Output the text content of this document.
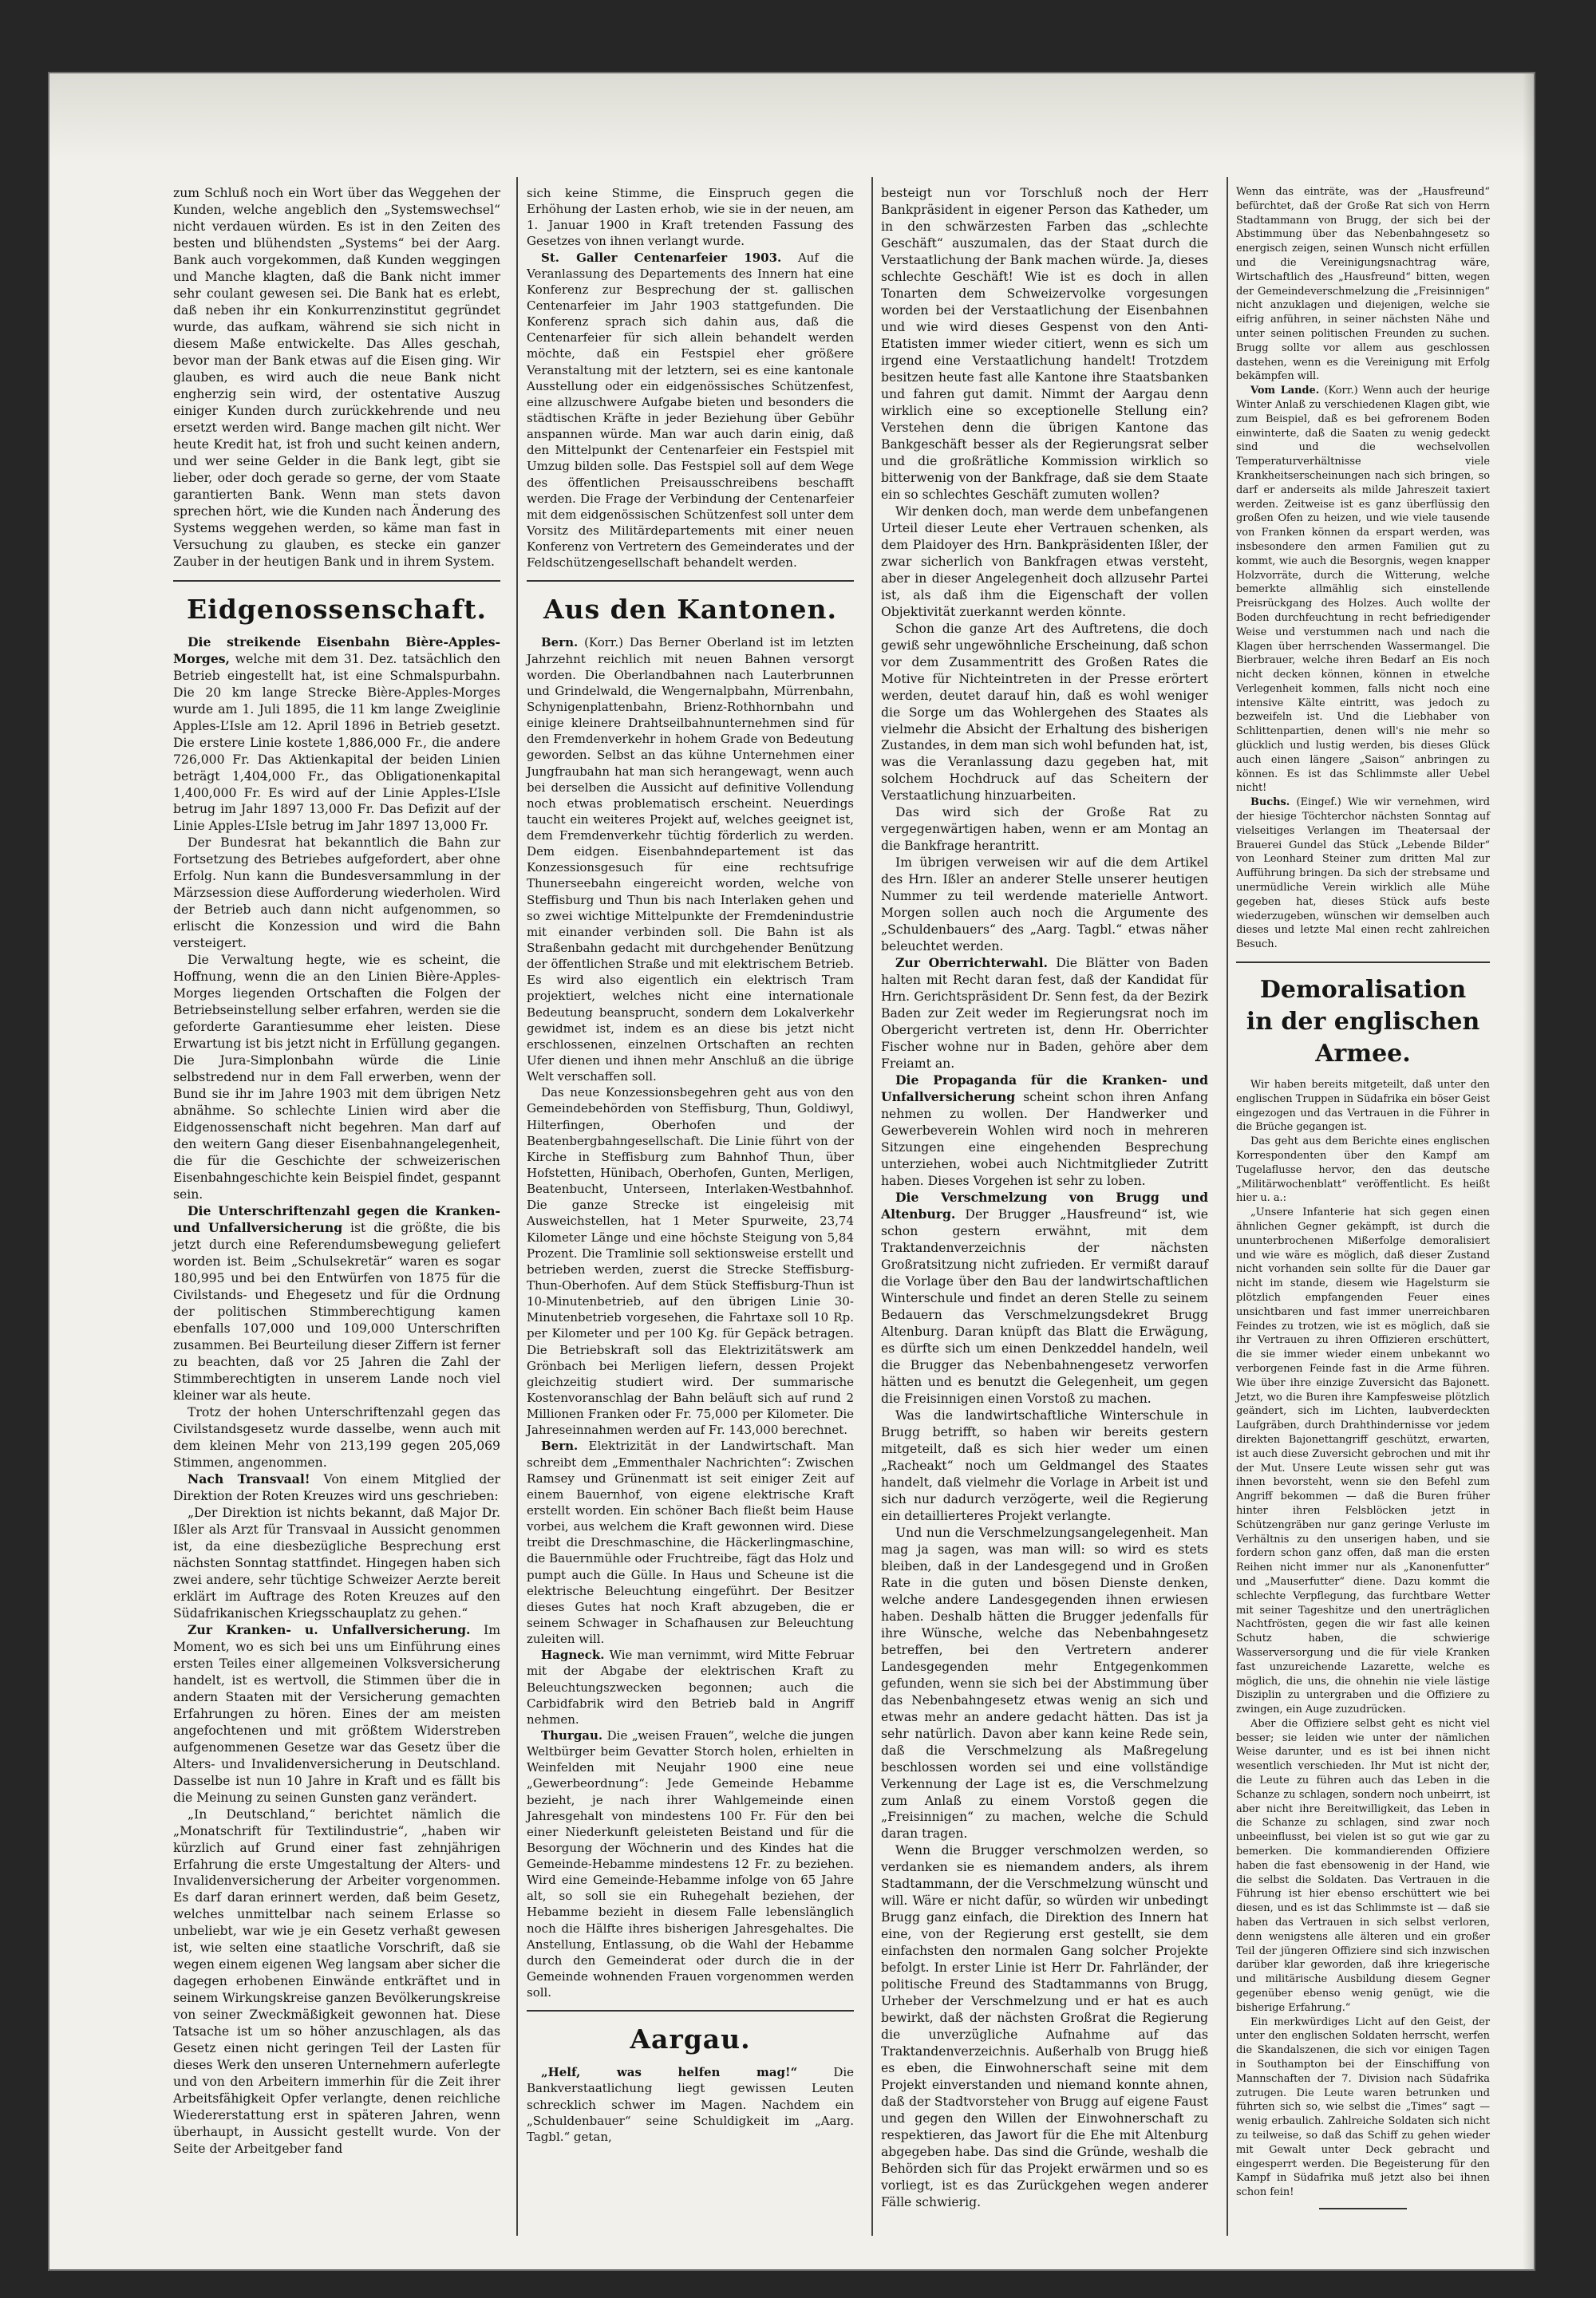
zum Schluß noch ein Wort über das Weggehen der Kunden, welche angeblich den „Systemswechsel“ nicht verdauen würden. Es ist in den Zeiten des besten und blühendsten „Systems“ bei der Aarg. Bank auch vorgekommen, daß Kunden weggingen und Manche klagten, daß die Bank nicht immer sehr coulant gewesen sei. Die Bank hat es erlebt, daß neben ihr ein Konkurrenzinstitut gegründet wurde, das aufkam, während sie sich nicht in diesem Maße entwickelte. Das Alles geschah, bevor man der Bank etwas auf die Eisen ging. Wir glauben, es wird auch die neue Bank nicht engherzig sein wird, der ostentative Auszug einiger Kunden durch zurückkehrende und neu ersetzt werden wird. Bange machen gilt nicht. Wer heute Kredit hat, ist froh und sucht keinen andern, und wer seine Gelder in die Bank legt, gibt sie lieber, oder doch gerade so gerne, der vom Staate garantierten Bank. Wenn man stets davon sprechen hört, wie die Kunden nach Änderung des Systems weggehen werden, so käme man fast in Versuchung zu glauben, es stecke ein ganzer Zauber in der heutigen Bank und in ihrem System.

Eidgenossenschaft.

Die streikende Eisenbahn Bière-Apples-Morges, welche mit dem 31. Dez. tatsächlich den Betrieb eingestellt hat, ist eine Schmalspurbahn. Die 20 km lange Strecke Bière-Apples-Morges wurde am 1. Juli 1895, die 11 km lange Zweiglinie Apples-L’Isle am 12. April 1896 in Betrieb gesetzt. Die erstere Linie kostete 1,886,000 Fr., die andere 726,000 Fr. Das Aktienkapital der beiden Linien beträgt 1,404,000 Fr., das Obligationenkapital 1,400,000 Fr. Es wird auf der Linie Apples-L’Isle betrug im Jahr 1897 13,000 Fr. Das Defizit auf der Linie Apples-L’Isle betrug im Jahr 1897 13,000 Fr.

Der Bundesrat hat bekanntlich die Bahn zur Fortsetzung des Betriebes aufgefordert, aber ohne Erfolg. Nun kann die Bundesversammlung in der Märzsession diese Aufforderung wiederholen. Wird der Betrieb auch dann nicht aufgenommen, so erlischt die Konzession und wird die Bahn versteigert.

Die Verwaltung hegte, wie es scheint, die Hoffnung, wenn die an den Linien Bière-Apples-Morges liegenden Ortschaften die Folgen der Betriebseinstellung selber erfahren, werden sie die geforderte Garantiesumme eher leisten. Diese Erwartung ist bis jetzt nicht in Erfüllung gegangen. Die Jura-Simplonbahn würde die Linie selbstredend nur in dem Fall erwerben, wenn der Bund sie ihr im Jahre 1903 mit dem übrigen Netz abnähme. So schlechte Linien wird aber die Eidgenossenschaft nicht begehren. Man darf auf den weitern Gang dieser Eisenbahnangelegenheit, die für die Geschichte der schweizerischen Eisenbahngeschichte kein Beispiel findet, gespannt sein.

Die Unterschriftenzahl gegen die Kranken- und Unfallversicherung ist die größte, die bis jetzt durch eine Referendumsbewegung geliefert worden ist. Beim „Schulsekretär“ waren es sogar 180,995 und bei den Entwürfen von 1875 für die Civilstands- und Ehegesetz und für die Ordnung der politischen Stimmberechtigung kamen ebenfalls 107,000 und 109,000 Unterschriften zusammen. Bei Beurteilung dieser Ziffern ist ferner zu beachten, daß vor 25 Jahren die Zahl der Stimmberechtigten in unserem Lande noch viel kleiner war als heute.

Trotz der hohen Unterschriftenzahl gegen das Civilstandsgesetz wurde dasselbe, wenn auch mit dem kleinen Mehr von 213,199 gegen 205,069 Stimmen, angenommen.

Nach Transvaal! Von einem Mitglied der Direktion der Roten Kreuzes wird uns geschrieben:

„Der Direktion ist nichts bekannt, daß Major Dr. Ißler als Arzt für Transvaal in Aussicht genommen ist, da eine diesbezügliche Besprechung erst nächsten Sonntag stattfindet. Hingegen haben sich zwei andere, sehr tüchtige Schweizer Aerzte bereit erklärt im Auftrage des Roten Kreuzes auf den Südafrikanischen Kriegsschauplatz zu gehen.“

Zur Kranken- u. Unfallversicherung. Im Moment, wo es sich bei uns um Einführung eines ersten Teiles einer allgemeinen Volksversicherung handelt, ist es wertvoll, die Stimmen über die in andern Staaten mit der Versicherung gemachten Erfahrungen zu hören. Eines der am meisten angefochtenen und mit größtem Widerstreben aufgenommenen Gesetze war das Gesetz über die Alters- und Invalidenversicherung in Deutschland. Dasselbe ist nun 10 Jahre in Kraft und es fällt bis die Meinung zu seinen Gunsten ganz verändert.

„In Deutschland,“ berichtet nämlich die „Monatschrift für Textilindustrie“, „haben wir kürzlich auf Grund einer fast zehnjährigen Erfahrung die erste Umgestaltung der Alters- und Invalidenversicherung der Arbeiter vorgenommen. Es darf daran erinnert werden, daß beim Gesetz, welches unmittelbar nach seinem Erlasse so unbeliebt, war wie je ein Gesetz verhaßt gewesen ist, wie selten eine staatliche Vorschrift, daß sie wegen einem eigenen Weg langsam aber sicher die dagegen erhobenen Einwände entkräftet und in seinem Wirkungskreise ganzen Bevölkerungskreise von seiner Zweckmäßigkeit gewonnen hat. Diese Tatsache ist um so höher anzuschlagen, als das Gesetz einen nicht geringen Teil der Lasten für dieses Werk den unseren Unternehmern auferlegte und von den Arbeitern immerhin für die Zeit ihrer Arbeitsfähigkeit Opfer verlangte, denen reichliche Wiedererstattung erst in späteren Jahren, wenn überhaupt, in Aussicht gestellt wurde. Von der Seite der Arbeitgeber fand

sich keine Stimme, die Einspruch gegen die Erhöhung der Lasten erhob, wie sie in der neuen, am 1. Januar 1900 in Kraft tretenden Fassung des Gesetzes von ihnen verlangt wurde.

St. Galler Centenarfeier 1903. Auf die Veranlassung des Departements des Innern hat eine Konferenz zur Besprechung der st. gallischen Centenarfeier im Jahr 1903 stattgefunden. Die Konferenz sprach sich dahin aus, daß die Centenarfeier für sich allein behandelt werden möchte, daß ein Festspiel eher größere Veranstaltung mit der letztern, sei es eine kantonale Ausstellung oder ein eidgenössisches Schützenfest, eine allzuschwere Aufgabe bieten und besonders die städtischen Kräfte in jeder Beziehung über Gebühr anspannen würde. Man war auch darin einig, daß den Mittelpunkt der Centenarfeier ein Festspiel mit Umzug bilden solle. Das Festspiel soll auf dem Wege des öffentlichen Preisausschreibens beschafft werden. Die Frage der Verbindung der Centenarfeier mit dem eidgenössischen Schützenfest soll unter dem Vorsitz des Militärdepartements mit einer neuen Konferenz von Vertretern des Gemeinderates und der Feldschützengesellschaft behandelt werden.

Aus den Kantonen.

Bern. (Korr.) Das Berner Oberland ist im letzten Jahrzehnt reichlich mit neuen Bahnen versorgt worden. Die Oberlandbahnen nach Lauterbrunnen und Grindelwald, die Wengernalpbahn, Mürrenbahn, Schynigenplattenbahn, Brienz-Rothhornbahn und einige kleinere Drahtseilbahnunternehmen sind für den Fremdenverkehr in hohem Grade von Bedeutung geworden. Selbst an das kühne Unternehmen einer Jungfraubahn hat man sich herangewagt, wenn auch bei derselben die Aussicht auf definitive Vollendung noch etwas problematisch erscheint. Neuerdings taucht ein weiteres Projekt auf, welches geeignet ist, dem Fremdenverkehr tüchtig förderlich zu werden. Dem eidgen. Eisenbahndepartement ist das Konzessionsgesuch für eine rechtsufrige Thunerseebahn eingereicht worden, welche von Steffisburg und Thun bis nach Interlaken gehen und so zwei wichtige Mittelpunkte der Fremdenindustrie mit einander verbinden soll. Die Bahn ist als Straßenbahn gedacht mit durchgehender Benützung der öffentlichen Straße und mit elektrischem Betrieb. Es wird also eigentlich ein elektrisch Tram projektiert, welches nicht eine internationale Bedeutung beansprucht, sondern dem Lokalverkehr gewidmet ist, indem es an diese bis jetzt nicht erschlossenen, einzelnen Ortschaften an rechten Ufer dienen und ihnen mehr Anschluß an die übrige Welt verschaffen soll.

Das neue Konzessionsbegehren geht aus von den Gemeindebehörden von Steffisburg, Thun, Goldiwyl, Hilterfingen, Oberhofen und der Beatenbergbahngesellschaft. Die Linie führt von der Kirche in Steffisburg zum Bahnhof Thun, über Hofstetten, Hünibach, Oberhofen, Gunten, Merligen, Beatenbucht, Unterseen, Interlaken-Westbahnhof. Die ganze Strecke ist eingeleisig mit Ausweichstellen, hat 1 Meter Spurweite, 23,74 Kilometer Länge und eine höchste Steigung von 5,84 Prozent. Die Tramlinie soll sektionsweise erstellt und betrieben werden, zuerst die Strecke Steffisburg-Thun-Oberhofen. Auf dem Stück Steffisburg-Thun ist 10-Minutenbetrieb, auf den übrigen Linie 30-Minutenbetrieb vorgesehen, die Fahrtaxe soll 10 Rp. per Kilometer und per 100 Kg. für Gepäck betragen. Die Betriebskraft soll das Elektrizitätswerk am Grönbach bei Merligen liefern, dessen Projekt gleichzeitig studiert wird. Der summarische Kostenvoranschlag der Bahn beläuft sich auf rund 2 Millionen Franken oder Fr. 75,000 per Kilometer. Die Jahreseinnahmen werden auf Fr. 143,000 berechnet.

Bern. Elektrizität in der Landwirtschaft. Man schreibt dem „Emmenthaler Nachrichten“: Zwischen Ramsey und Grünenmatt ist seit einiger Zeit auf einem Bauernhof, von eigene elektrische Kraft erstellt worden. Ein schöner Bach fließt beim Hause vorbei, aus welchem die Kraft gewonnen wird. Diese treibt die Dreschmaschine, die Häckerlingmaschine, die Bauernmühle oder Fruchtreibe, fägt das Holz und pumpt auch die Gülle. In Haus und Scheune ist die elektrische Beleuchtung eingeführt. Der Besitzer dieses Gutes hat noch Kraft abzugeben, die er seinem Schwager in Schafhausen zur Beleuchtung zuleiten will.

Hagneck. Wie man vernimmt, wird Mitte Februar mit der Abgabe der elektrischen Kraft zu Beleuchtungszwecken begonnen; auch die Carbidfabrik wird den Betrieb bald in Angriff nehmen.

Thurgau. Die „weisen Frauen“, welche die jungen Weltbürger beim Gevatter Storch holen, erhielten in Weinfelden mit Neujahr 1900 eine neue „Gewerbeordnung“: Jede Gemeinde Hebamme bezieht, je nach ihrer Wahlgemeinde einen Jahresgehalt von mindestens 100 Fr. Für den bei einer Niederkunft geleisteten Beistand und für die Besorgung der Wöchnerin und des Kindes hat die Gemeinde-Hebamme mindestens 12 Fr. zu beziehen. Wird eine Gemeinde-Hebamme infolge von 65 Jahre alt, so soll sie ein Ruhegehalt beziehen, der Hebamme bezieht in diesem Falle lebenslänglich noch die Hälfte ihres bisherigen Jahresgehaltes. Die Anstellung, Entlassung, ob die Wahl der Hebamme durch den Gemeinderat oder durch die in der Gemeinde wohnenden Frauen vorgenommen werden soll.

Aargau.

„Helf, was helfen mag!“ Die Bankverstaatlichung liegt gewissen Leuten schrecklich schwer im Magen. Nachdem ein „Schuldenbauer“ seine Schuldigkeit im „Aarg. Tagbl.“ getan,

besteigt nun vor Torschluß noch der Herr Bankpräsident in eigener Person das Katheder, um in den schwärzesten Farben das „schlechte Geschäft“ auszumalen, das der Staat durch die Verstaatlichung der Bank machen würde. Ja, dieses schlechte Geschäft! Wie ist es doch in allen Tonarten dem Schweizervolke vorgesungen worden bei der Verstaatlichung der Eisenbahnen und wie wird dieses Gespenst von den Anti-Etatisten immer wieder citiert, wenn es sich um irgend eine Verstaatlichung handelt! Trotzdem besitzen heute fast alle Kantone ihre Staatsbanken und fahren gut damit. Nimmt der Aargau denn wirklich eine so exceptionelle Stellung ein? Verstehen denn die übrigen Kantone das Bankgeschäft besser als der Regierungsrat selber und die großrätliche Kommission wirklich so bitterwenig von der Bankfrage, daß sie dem Staate ein so schlechtes Geschäft zumuten wollen?

Wir denken doch, man werde dem unbefangenen Urteil dieser Leute eher Vertrauen schenken, als dem Plaidoyer des Hrn. Bankpräsidenten Ißler, der zwar sicherlich von Bankfragen etwas versteht, aber in dieser Angelegenheit doch allzusehr Partei ist, als daß ihm die Eigenschaft der vollen Objektivität zuerkannt werden könnte.

Schon die ganze Art des Auftretens, die doch gewiß sehr ungewöhnliche Erscheinung, daß schon vor dem Zusammentritt des Großen Rates die Motive für Nichteintreten in der Presse erörtert werden, deutet darauf hin, daß es wohl weniger die Sorge um das Wohlergehen des Staates als vielmehr die Absicht der Erhaltung des bisherigen Zustandes, in dem man sich wohl befunden hat, ist, was die Veranlassung dazu gegeben hat, mit solchem Hochdruck auf das Scheitern der Verstaatlichung hinzuarbeiten.

Das wird sich der Große Rat zu vergegenwärtigen haben, wenn er am Montag an die Bankfrage herantritt.

Im übrigen verweisen wir auf die dem Artikel des Hrn. Ißler an anderer Stelle unserer heutigen Nummer zu teil werdende materielle Antwort. Morgen sollen auch noch die Argumente des „Schuldenbauers“ des „Aarg. Tagbl.“ etwas näher beleuchtet werden.

Zur Oberrichterwahl. Die Blätter von Baden halten mit Recht daran fest, daß der Kandidat für Hrn. Gerichtspräsident Dr. Senn fest, da der Bezirk Baden zur Zeit weder im Regierungsrat noch im Obergericht vertreten ist, denn Hr. Oberrichter Fischer wohne nur in Baden, gehöre aber dem Freiamt an.

Die Propaganda für die Kranken- und Unfallversicherung scheint schon ihren Anfang nehmen zu wollen. Der Handwerker und Gewerbeverein Wohlen wird noch in mehreren Sitzungen eine eingehenden Besprechung unterziehen, wobei auch Nichtmitglieder Zutritt haben. Dieses Vorgehen ist sehr zu loben.

Die Verschmelzung von Brugg und Altenburg. Der Brugger „Hausfreund“ ist, wie schon gestern erwähnt, mit dem Traktandenverzeichnis der nächsten Großratsitzung nicht zufrieden. Er vermißt darauf die Vorlage über den Bau der landwirtschaftlichen Winterschule und findet an deren Stelle zu seinem Bedauern das Verschmelzungsdekret Brugg Altenburg. Daran knüpft das Blatt die Erwägung, es dürfte sich um einen Denkzeddel handeln, weil die Brugger das Nebenbahnengesetz verworfen hätten und es benutzt die Gelegenheit, um gegen die Freisinnigen einen Vorstoß zu machen.

Was die landwirtschaftliche Winterschule in Brugg betrifft, so haben wir bereits gestern mitgeteilt, daß es sich hier weder um einen „Racheakt“ noch um Geldmangel des Staates handelt, daß vielmehr die Vorlage in Arbeit ist und sich nur dadurch verzögerte, weil die Regierung ein detaillierteres Projekt verlangte.

Und nun die Verschmelzungsangelegenheit. Man mag ja sagen, was man will: so wird es stets bleiben, daß in der Landesgegend und in Großen Rate in die guten und bösen Dienste denken, welche andere Landesgegenden ihnen erwiesen haben. Deshalb hätten die Brugger jedenfalls für ihre Wünsche, welche das Nebenbahngesetz betreffen, bei den Vertretern anderer Landesgegenden mehr Entgegenkommen gefunden, wenn sie sich bei der Abstimmung über das Nebenbahngesetz etwas wenig an sich und etwas mehr an andere gedacht hätten. Das ist ja sehr natürlich. Davon aber kann keine Rede sein, daß die Verschmelzung als Maßregelung beschlossen worden sei und eine vollständige Verkennung der Lage ist es, die Verschmelzung zum Anlaß zu einem Vorstoß gegen die „Freisinnigen“ zu machen, welche die Schuld daran tragen.

Wenn die Brugger verschmolzen werden, so verdanken sie es niemandem anders, als ihrem Stadtammann, der die Verschmelzung wünscht und will. Wäre er nicht dafür, so würden wir unbedingt Brugg ganz einfach, die Direktion des Innern hat eine, von der Regierung erst gestellt, sie dem einfachsten den normalen Gang solcher Projekte befolgt. In erster Linie ist Herr Dr. Fahrländer, der politische Freund des Stadtammanns von Brugg, Urheber der Verschmelzung und er hat es auch bewirkt, daß der nächsten Großrat die Regierung die unverzügliche Aufnahme auf das Traktandenverzeichnis. Außerhalb von Brugg hieß es eben, die Einwohnerschaft seine mit dem Projekt einverstanden und niemand konnte ahnen, daß der Stadtvorsteher von Brugg auf eigene Faust und gegen den Willen der Einwohnerschaft zu respektieren, das Jawort für die Ehe mit Altenburg abgegeben habe. Das sind die Gründe, weshalb die Behörden sich für das Projekt erwärmen und so es vorliegt, ist es das Zurückgehen wegen anderer Fälle schwierig.

Wenn das einträte, was der „Hausfreund“ befürchtet, daß der Große Rat sich von Herrn Stadtammann von Brugg, der sich bei der Abstimmung über das Nebenbahngesetz so energisch zeigen, seinen Wunsch nicht erfüllen und die Vereinigungsnachtrag wäre, Wirtschaftlich des „Hausfreund“ bitten, wegen der Gemeindeverschmelzung die „Freisinnigen“ nicht anzuklagen und diejenigen, welche sie eifrig anführen, in seiner nächsten Nähe und unter seinen politischen Freunden zu suchen. Brugg sollte vor allem aus geschlossen dastehen, wenn es die Vereinigung mit Erfolg bekämpfen will.

Vom Lande. (Korr.) Wenn auch der heurige Winter Anlaß zu verschiedenen Klagen gibt, wie zum Beispiel, daß es bei gefrorenem Boden einwinterte, daß die Saaten zu wenig gedeckt sind und die wechselvollen Temperaturverhältnisse viele Krankheitserscheinungen nach sich bringen, so darf er anderseits als milde Jahreszeit taxiert werden. Zeitweise ist es ganz überflüssig den großen Ofen zu heizen, und wie viele tausende von Franken können da erspart werden, was insbesondere den armen Familien gut zu kommt, wie auch die Besorgnis, wegen knapper Holzvorräte, durch die Witterung, welche bemerkte allmählig sich einstellende Preisrückgang des Holzes. Auch wollte der Boden durchfeuchtung in recht befriedigender Weise und verstummen nach und nach die Klagen über herrschenden Wassermangel. Die Bierbrauer, welche ihren Bedarf an Eis noch nicht decken können, können in etwelche Verlegenheit kommen, falls nicht noch eine intensive Kälte eintritt, was jedoch zu bezweifeln ist. Und die Liebhaber von Schlittenpartien, denen will's nie mehr so glücklich und lustig werden, bis dieses Glück auch einen längere „Saison“ anbringen zu können. Es ist das Schlimmste aller Uebel nicht!

Buchs. (Eingef.) Wie wir vernehmen, wird der hiesige Töchterchor nächsten Sonntag auf vielseitiges Verlangen im Theatersaal der Brauerei Gundel das Stück „Lebende Bilder“ von Leonhard Steiner zum dritten Mal zur Aufführung bringen. Da sich der strebsame und unermüdliche Verein wirklich alle Mühe gegeben hat, dieses Stück aufs beste wiederzugeben, wünschen wir demselben auch dieses und letzte Mal einen recht zahlreichen Besuch.

Demoralisation
in der englischen Armee.

Wir haben bereits mitgeteilt, daß unter den englischen Truppen in Südafrika ein böser Geist eingezogen und das Vertrauen in die Führer in die Brüche gegangen ist.

Das geht aus dem Berichte eines englischen Korrespondenten über den Kampf am Tugelaflusse hervor, den das deutsche „Militärwochenblatt“ veröffentlicht. Es heißt hier u. a.:

„Unsere Infanterie hat sich gegen einen ähnlichen Gegner gekämpft, ist durch die ununterbrochenen Mißerfolge demoralisiert und wie wäre es möglich, daß dieser Zustand nicht vorhanden sein sollte für die Dauer gar nicht im stande, diesem wie Hagelsturm sie plötzlich empfangenden Feuer eines unsichtbaren und fast immer unerreichbaren Feindes zu trotzen, wie ist es möglich, daß sie ihr Vertrauen zu ihren Offizieren erschüttert, die sie immer wieder einem unbekannt wo verborgenen Feinde fast in die Arme führen. Wie über ihre einzige Zuversicht das Bajonett. Jetzt, wo die Buren ihre Kampfesweise plötzlich geändert, sich im Lichten, laubverdeckten Laufgräben, durch Drahthindernisse vor jedem direkten Bajonettangriff geschützt, erwarten, ist auch diese Zuversicht gebrochen und mit ihr der Mut. Unsere Leute wissen sehr gut was ihnen bevorsteht, wenn sie den Befehl zum Angriff bekommen — daß die Buren früher hinter ihren Felsblöcken jetzt in Schützengräben nur ganz geringe Verluste im Verhältnis zu den unserigen haben, und sie fordern schon ganz offen, daß man die ersten Reihen nicht immer nur als „Kanonenfutter“ und „Mauserfutter“ diene. Dazu kommt die schlechte Verpflegung, das furchtbare Wetter mit seiner Tageshitze und den unerträglichen Nachtfrösten, gegen die wir fast alle keinen Schutz haben, die schwierige Wasserversorgung und die für viele Kranken fast unzureichende Lazarette, welche es möglich, die uns, die ohnehin nie viele lästige Disziplin zu untergraben und die Offiziere zu zwingen, ein Auge zuzudrücken.

Aber die Offiziere selbst geht es nicht viel besser; sie leiden wie unter der nämlichen Weise darunter, und es ist bei ihnen nicht wesentlich verschieden. Ihr Mut ist nicht der, die Leute zu führen auch das Leben in die Schanze zu schlagen, sondern noch unbeirrt, ist aber nicht ihre Bereitwilligkeit, das Leben in die Schanze zu schlagen, sind zwar noch unbeeinflusst, bei vielen ist so gut wie gar zu bemerken. Die kommandierenden Offiziere haben die fast ebensowenig in der Hand, wie die selbst die Soldaten. Das Vertrauen in die Führung ist hier ebenso erschüttert wie bei diesen, und es ist das Schlimmste ist — daß sie haben das Vertrauen in sich selbst verloren, denn wenigstens alle älteren und ein großer Teil der jüngeren Offiziere sind sich inzwischen darüber klar geworden, daß ihre kriegerische und militärische Ausbildung diesem Gegner gegenüber ebenso wenig genügt, wie die bisherige Erfahrung.“

Ein merkwürdiges Licht auf den Geist, der unter den englischen Soldaten herrscht, werfen die Skandalszenen, die sich vor einigen Tagen in Southampton bei der Einschiffung von Mannschaften der 7. Division nach Südafrika zutrugen. Die Leute waren betrunken und führten sich so, wie selbst die „Times“ sagt — wenig erbaulich. Zahlreiche Soldaten sich nicht zu teilweise, so daß das Schiff zu gehen wieder mit Gewalt unter Deck gebracht und eingesperrt werden. Die Begeisterung für den Kampf in Südafrika muß jetzt also bei ihnen schon fein!
